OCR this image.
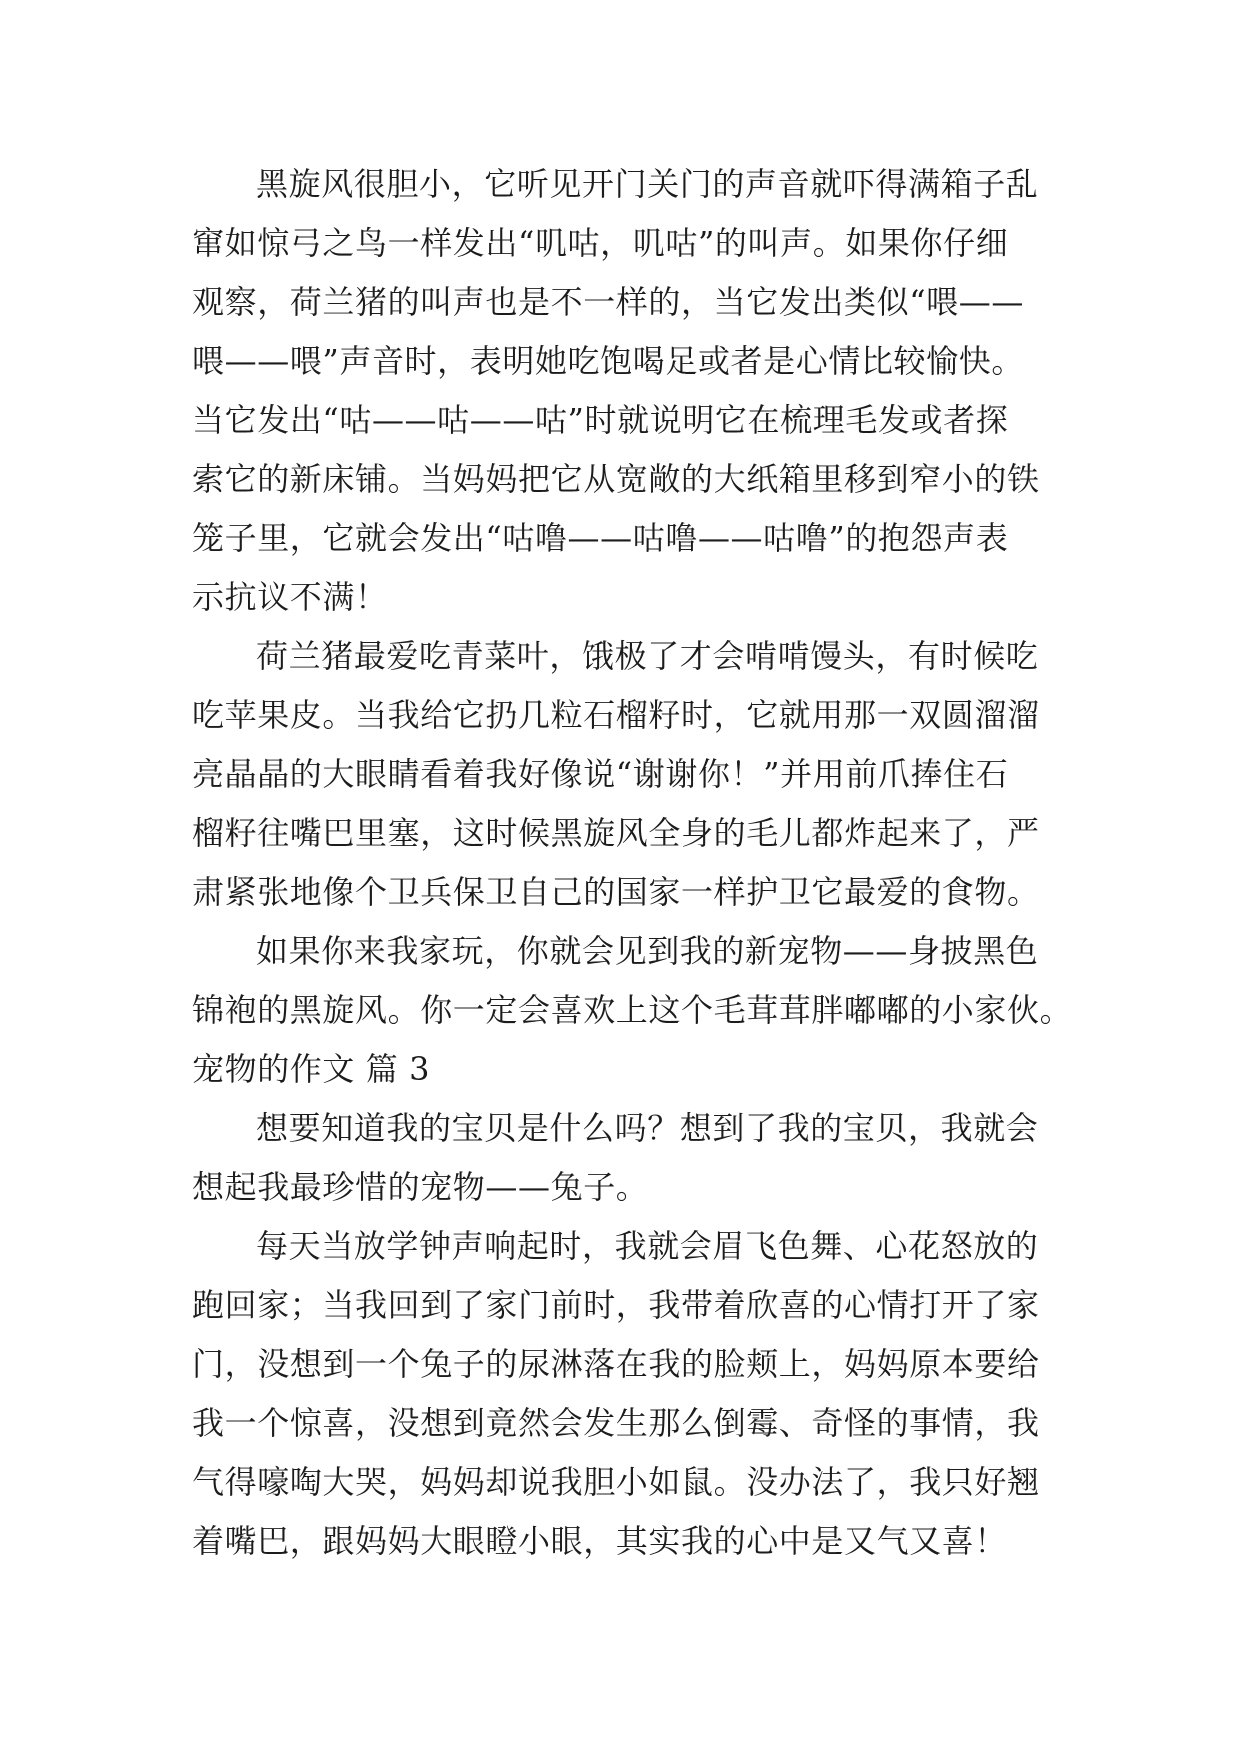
黑旋风很胆小，它听见开门关门的声音就吓得满箱子乱
窜如惊弓之鸟一样发出“叽咕，叽咕”的叫声。如果你仔细
观察，荷兰猪的叫声也是不一样的，当它发出类似“喂——
喂——喂”声音时，表明她吃饱喝足或者是心情比较愉快。
当它发出“咕——咕——咕”时就说明它在梳理毛发或者探
索它的新床铺。当妈妈把它从宽敞的大纸箱里移到窄小的铁
笼子里，它就会发出“咕噜——咕噜——咕噜”的抱怨声表
示抗议不满！
荷兰猪最爱吃青菜叶，饿极了才会啃啃馒头，有时候吃
吃苹果皮。当我给它扔几粒石榴籽时，它就用那一双圆溜溜
亮晶晶的大眼睛看着我好像说“谢谢你！”并用前爪捧住石
榴籽往嘴巴里塞，这时候黑旋风全身的毛儿都炸起来了，严
肃紧张地像个卫兵保卫自己的国家一样护卫它最爱的食物。
如果你来我家玩，你就会见到我的新宠物——身披黑色
锦袍的黑旋风。你一定会喜欢上这个毛茸茸胖嘟嘟的小家伙。
宠物的作文 篇 3
想要知道我的宝贝是什么吗？想到了我的宝贝，我就会
想起我最珍惜的宠物——兔子。
每天当放学钟声响起时，我就会眉飞色舞、心花怒放的
跑回家；当我回到了家门前时，我带着欣喜的心情打开了家
门，没想到一个兔子的尿淋落在我的脸颊上，妈妈原本要给
我一个惊喜，没想到竟然会发生那么倒霉、奇怪的事情，我
气得嚎啕大哭，妈妈却说我胆小如鼠。没办法了，我只好翘
着嘴巴，跟妈妈大眼瞪小眼，其实我的心中是又气又喜！
